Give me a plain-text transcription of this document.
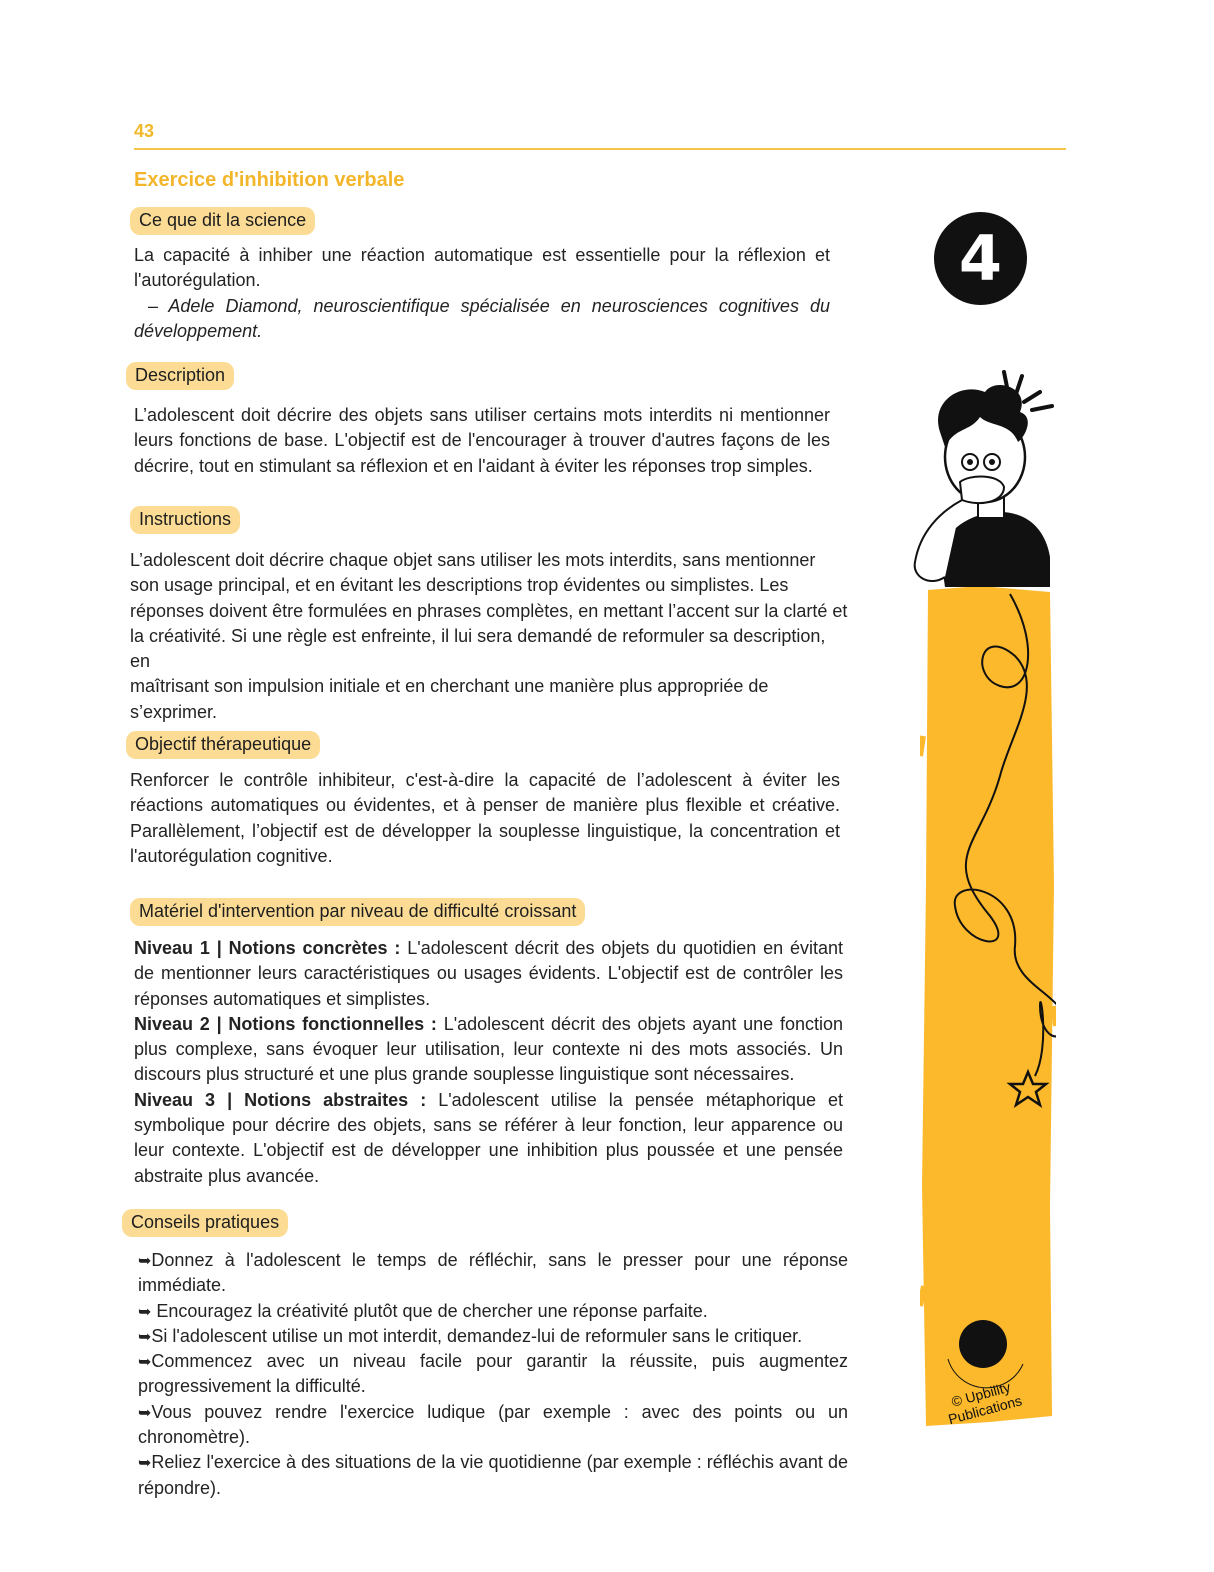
43
Exercice d'inhibition verbale
Ce que dit la science
La capacité à inhiber une réaction automatique est essentielle pour la réflexion et l'autorégulation.
– Adele Diamond, neuroscientifique spécialisée en neurosciences cognitives du développement.
Description
L’adolescent doit décrire des objets sans utiliser certains mots interdits ni mentionner leurs fonctions de base. L'objectif est de l'encourager à trouver d'autres façons de les décrire, tout en stimulant sa réflexion et en l'aidant à éviter les réponses trop simples.
Instructions
L’adolescent doit décrire chaque objet sans utiliser les mots interdits, sans mentionner
son usage principal, et en évitant les descriptions trop évidentes ou simplistes. Les
réponses doivent être formulées en phrases complètes, en mettant l’accent sur la clarté et
la créativité. Si une règle est enfreinte, il lui sera demandé de reformuler sa description, en
maîtrisant son impulsion initiale et en cherchant une manière plus appropriée de
s’exprimer.
Objectif thérapeutique
Renforcer le contrôle inhibiteur, c'est-à-dire la capacité de l’adolescent à éviter les réactions automatiques ou évidentes, et à penser de manière plus flexible et créative. Parallèlement, l’objectif est de développer la souplesse linguistique, la concentration et l'autorégulation cognitive.
Matériel d'intervention par niveau de difficulté croissant
Niveau 1 | Notions concrètes : L'adolescent décrit des objets du quotidien en évitant de mentionner leurs caractéristiques ou usages évidents. L'objectif est de contrôler les réponses automatiques et simplistes.
Niveau 2 | Notions fonctionnelles : L'adolescent décrit des objets ayant une fonction plus complexe, sans évoquer leur utilisation, leur contexte ni des mots associés. Un discours plus structuré et une plus grande souplesse linguistique sont nécessaires.
Niveau 3 | Notions abstraites : L'adolescent utilise la pensée métaphorique et symbolique pour décrire des objets, sans se référer à leur fonction, leur apparence ou leur contexte. L'objectif est de développer une inhibition plus poussée et une pensée abstraite plus avancée.
Conseils pratiques
➥Donnez à l'adolescent le temps de réfléchir, sans le presser pour une réponse immédiate.
➥ Encouragez la créativité plutôt que de chercher une réponse parfaite.
➥Si l'adolescent utilise un mot interdit, demandez-lui de reformuler sans le critiquer.
➥Commencez avec un niveau facile pour garantir la réussite, puis augmentez progressivement la difficulté.
➥Vous pouvez rendre l'exercice ludique (par exemple : avec des points ou un chronomètre).
➥Reliez l'exercice à des situations de la vie quotidienne (par exemple : réfléchis avant de répondre).
4
© Upbility Publications
